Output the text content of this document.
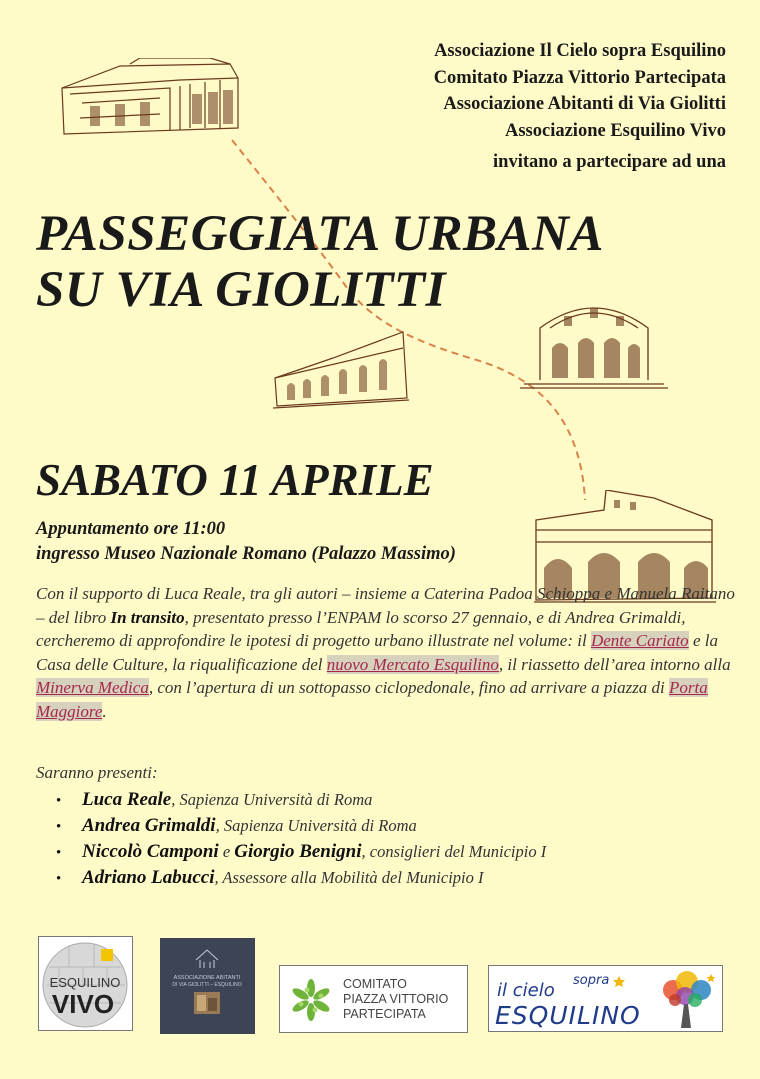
Associazione Il Cielo sopra Esquilino
Comitato Piazza Vittorio Partecipata
Associazione Abitanti di Via Giolitti
Associazione Esquilino Vivo
invitano a partecipare ad una
PASSEGGIATA URBANA
SU VIA GIOLITTI
SABATO 11 APRILE
Appuntamento ore 11:00
ingresso Museo Nazionale Romano (Palazzo Massimo)
Con il supporto di Luca Reale, tra gli autori – insieme a Caterina Padoa Schioppa e Manuela Raitano – del libro In transito, presentato presso l’ENPAM lo scorso 27 gennaio, e di Andrea Grimaldi, cercheremo di approfondire le ipotesi di progetto urbano illustrate nel volume: il Dente Cariato e la Casa delle Culture, la riqualificazione del nuovo Mercato Esquilino, il riassetto dell’area intorno alla Minerva Medica, con l’apertura di un sottopasso ciclopedonale, fino ad arrivare a piazza di Porta Maggiore.
Saranno presenti:
• Luca Reale, Sapienza Università di Roma
• Andrea Grimaldi, Sapienza Università di Roma
• Niccolò Camponi e Giorgio Benigni, consiglieri del Municipio I
• Adriano Labucci, Assessore alla Mobilità del Municipio I
ESQUILINO
VIVO
ASSOCIAZIONE ABITANTI
DI VIA GIOLITTI – ESQUILINO	COMITATO
PIAZZA VITTORIO
PARTECIPATA
il cielo sopra
ESQUILINO
